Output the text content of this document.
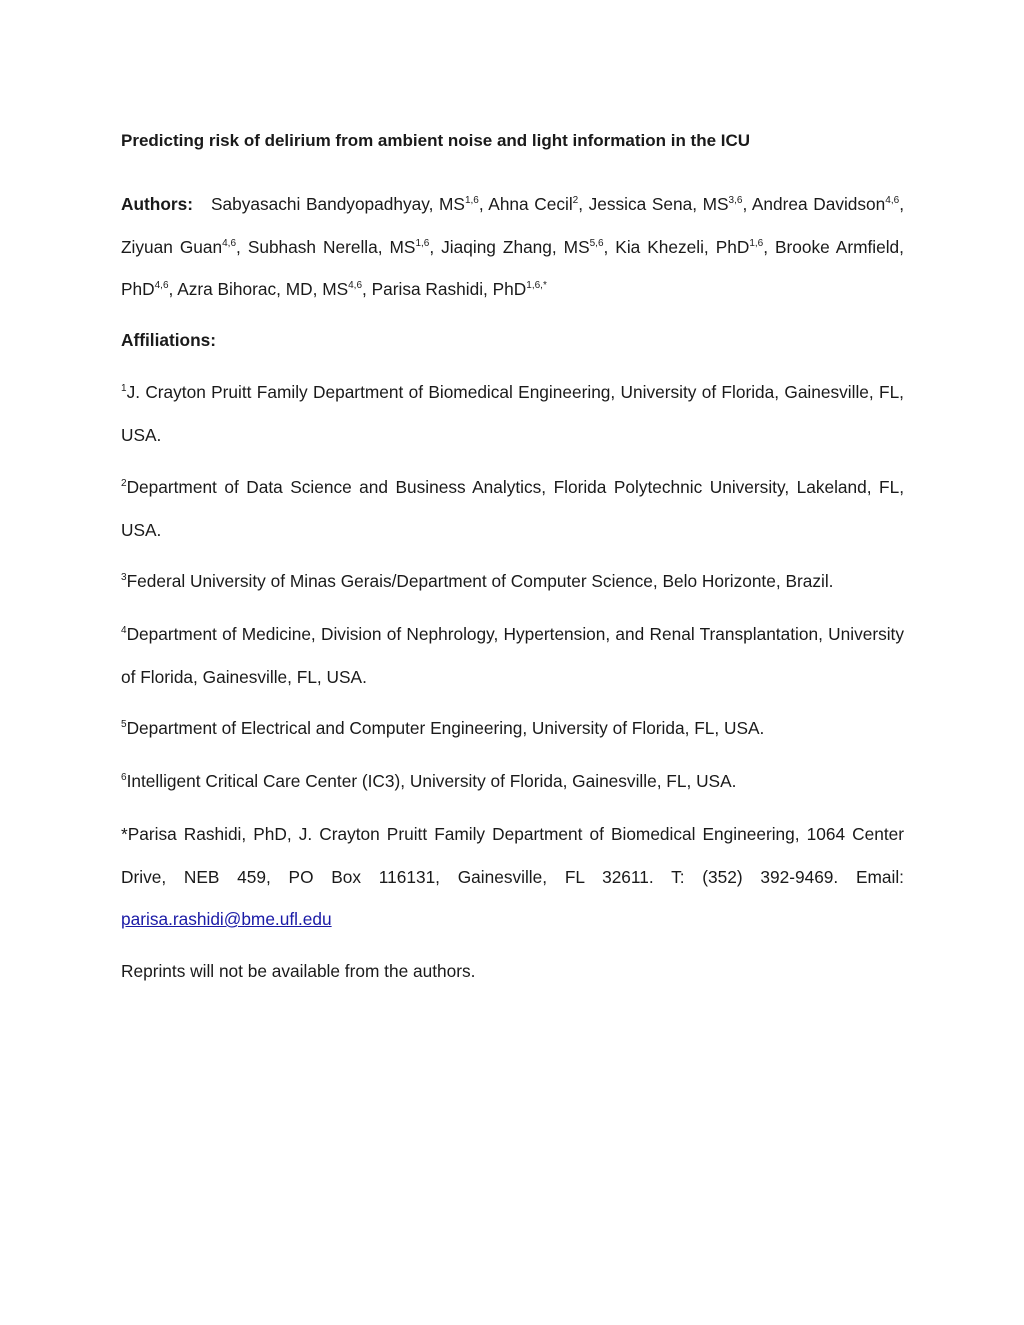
Predicting risk of delirium from ambient noise and light information in the ICU

Authors: Sabyasachi Bandyopadhyay, MS$^{1,6}$, Ahna Cecil$^2$, Jessica Sena, MS$^{3,6}$, Andrea Davidson$^{4,6}$, Ziyuan Guan$^{4,6}$, Subhash Nerella, MS$^{1,6}$, Jiaqing Zhang, MS$^{5,6}$, Kia Khezeli, PhD$^{1,6}$, Brooke Armfield, PhD$^{4,6}$, Azra Bihorac, MD, MS$^{4,6}$, Parisa Rashidi, PhD$^{1,6,*}$

Affiliations:

$^1$J. Crayton Pruitt Family Department of Biomedical Engineering, University of Florida, Gainesville, FL, USA.

$^2$Department of Data Science and Business Analytics, Florida Polytechnic University, Lakeland, FL, USA.

$^3$Federal University of Minas Gerais/Department of Computer Science, Belo Horizonte, Brazil.

$^4$Department of Medicine, Division of Nephrology, Hypertension, and Renal Transplantation, University of Florida, Gainesville, FL, USA.

$^5$Department of Electrical and Computer Engineering, University of Florida, FL, USA.

$^6$Intelligent Critical Care Center (IC3), University of Florida, Gainesville, FL, USA.

*Parisa Rashidi, PhD, J. Crayton Pruitt Family Department of Biomedical Engineering, 1064 Center Drive, NEB 459, PO Box 116131, Gainesville, FL 32611. T: (352) 392-9469. Email: parisa.rashidi@bme.ufl.edu

Reprints will not be available from the authors.
